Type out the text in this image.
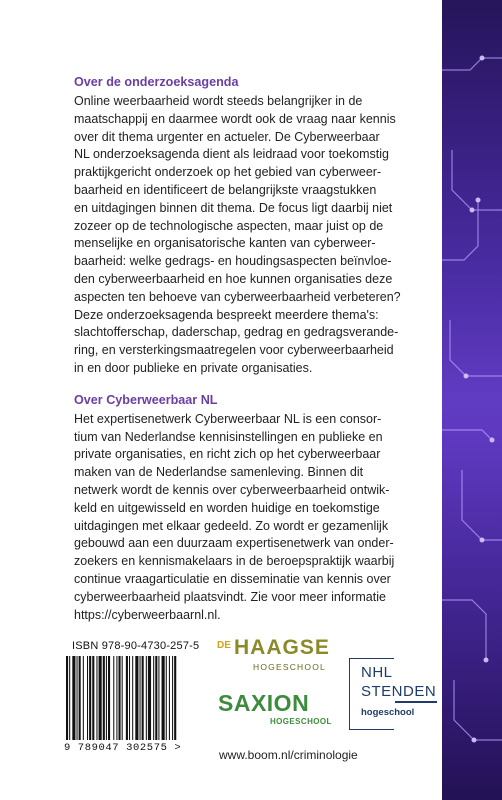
Over de onderzoeksagenda

Online weerbaarheid wordt steeds belangrijker in de
maatschappij en daarmee wordt ook de vraag naar kennis
over dit thema urgenter en actueler. De Cyberweerbaar
NL onderzoeksagenda dient als leidraad voor toekomstig
praktijkgericht onderzoek op het gebied van cyberweer-
baarheid en identificeert de belangrijkste vraagstukken
en uitdagingen binnen dit thema. De focus ligt daarbij niet
zozeer op de technologische aspecten, maar juist op de
menselijke en organisatorische kanten van cyberweer-
baarheid: welke gedrags- en houdingsaspecten beïnvloe-
den cyberweerbaarheid en hoe kunnen organisaties deze
aspecten ten behoeve van cyberweerbaarheid verbeteren?
Deze onderzoeksagenda bespreekt meerdere thema's:
slachtofferschap, daderschap, gedrag en gedragsverande-
ring, en versterkingsmaatregelen voor cyberweerbaarheid
in en door publieke en private organisaties.

Over Cyberweerbaar NL

Het expertisenetwerk Cyberweerbaar NL is een consor-
tium van Nederlandse kennisinstellingen en publieke en
private organisaties, en richt zich op het cyberweerbaar
maken van de Nederlandse samenleving. Binnen dit
netwerk wordt de kennis over cyberweerbaarheid ontwik-
keld en uitgewisseld en worden huidige en toekomstige
uitdagingen met elkaar gedeeld. Zo wordt er gezamenlijk
gebouwd aan een duurzaam expertisenetwerk van onder-
zoekers en kennismakelaars in de beroepspraktijk waarbij
continue vraagarticulatie en disseminatie van kennis over
cyberweerbaarheid plaatsvindt. Zie voor meer informatie
https://cyberweerbaarnl.nl.

ISBN 978-90-4730-257-5
9 789047 302575 >
DE HAAGSE
HOGESCHOOL
SAXION
HOGESCHOOL
NHL
STENDEN
hogeschool
www.boom.nl/criminologie
